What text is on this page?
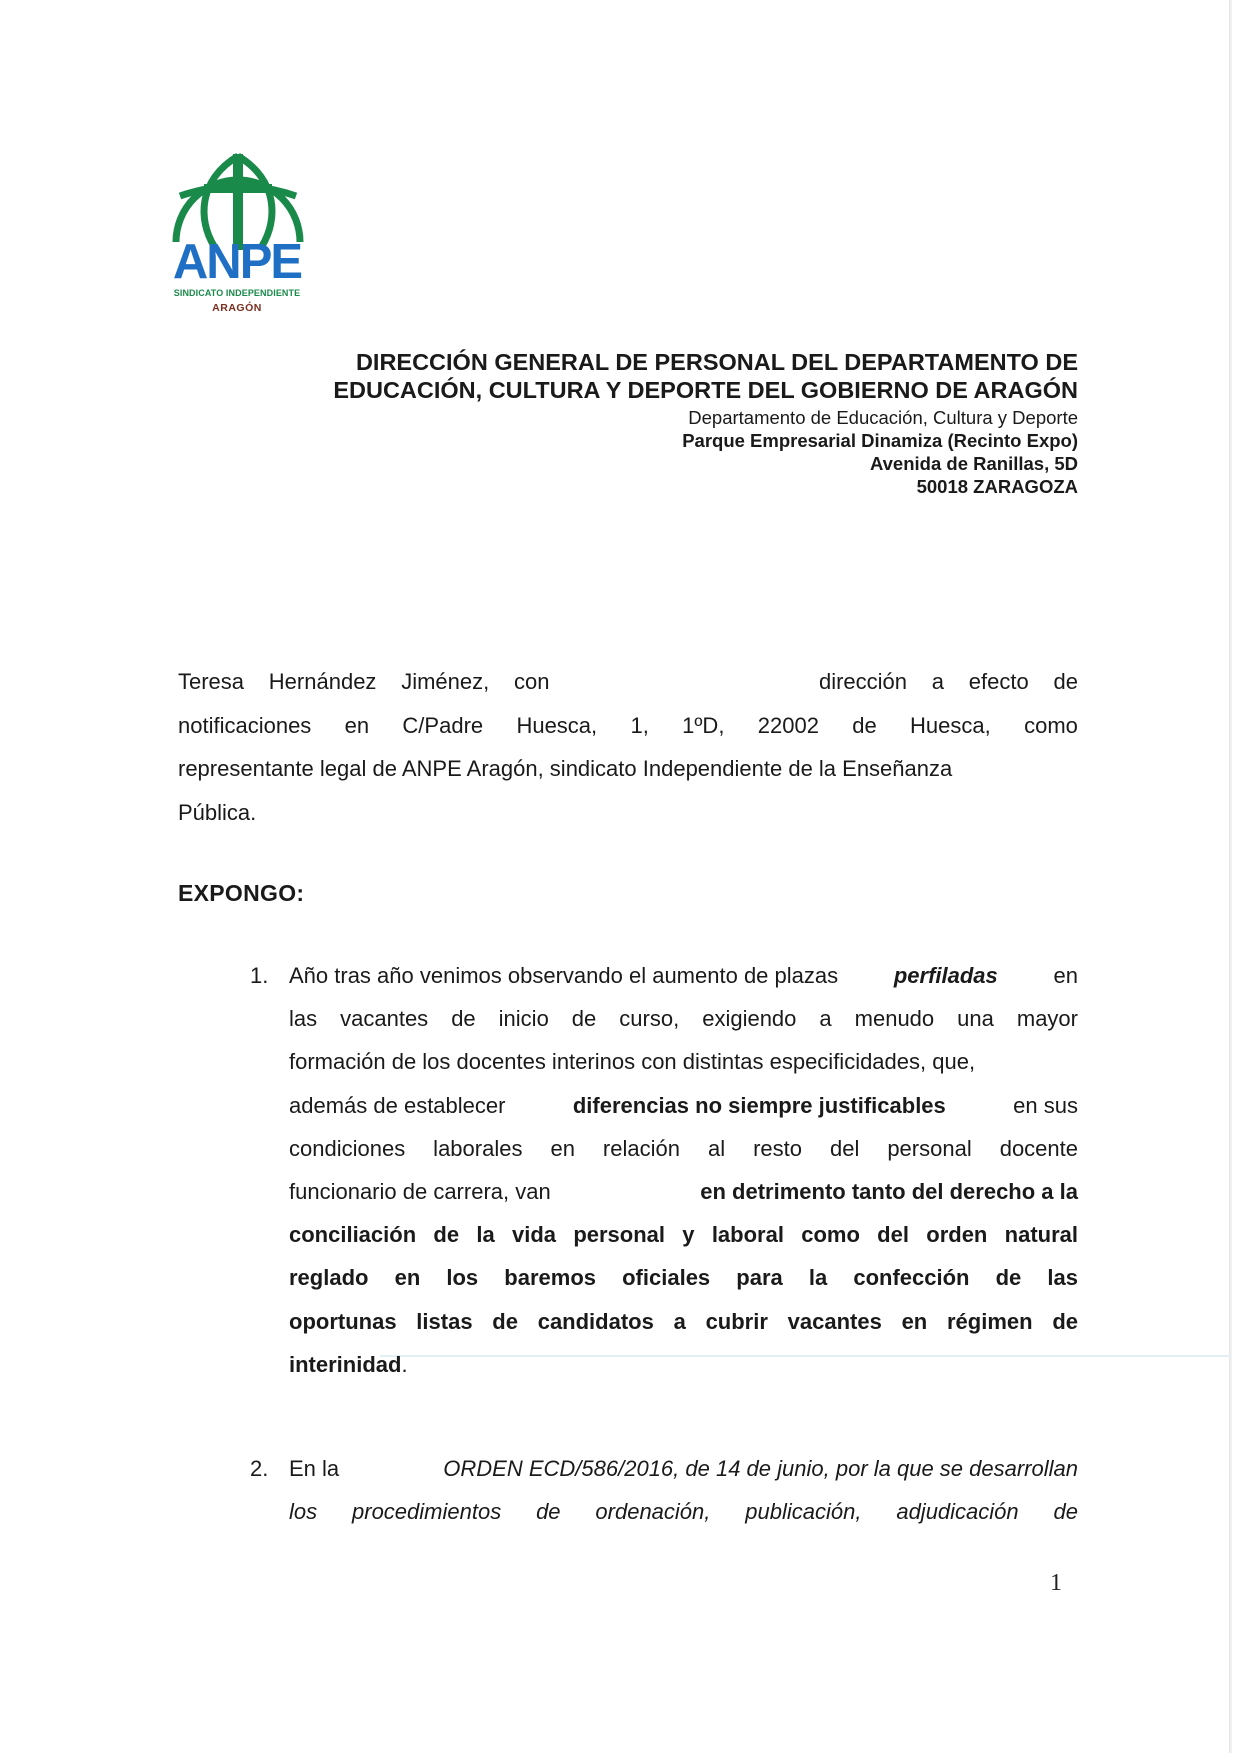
ANPE
SINDICATO INDEPENDIENTE
ARAGÓN
DIRECCIÓN GENERAL DE PERSONAL DEL DEPARTAMENTO DE
EDUCACIÓN, CULTURA Y DEPORTE DEL GOBIERNO DE ARAGÓN
Departamento de Educación, Cultura y Deporte
Parque Empresarial Dinamiza (Recinto Expo)
Avenida de Ranillas, 5D
50018 ZARAGOZA
Teresa Hernández Jiménez, con	dirección a efecto de
notificaciones en C/Padre Huesca, 1, 1ºD, 22002 de Huesca, como
representante legal de ANPE Aragón, sindicato Independiente de la Enseñanza
Pública.
EXPONGO:
1. Año tras año venimos observando el aumento de plazas	perfiladas	en
las vacantes de inicio de curso, exigiendo a menudo una mayor
formación de los docentes interinos con distintas especificidades, que,
además de establecer	diferencias no siempre justificables	en sus
condiciones laborales en relación al resto del personal docente
funcionario de carrera, van	en detrimento tanto del derecho a la
conciliación de la vida personal y laboral como del orden natural
reglado en los baremos oficiales para la confección de las
oportunas listas de candidatos a cubrir vacantes en régimen de
interinidad .
2. En la	ORDEN ECD/586/2016, de 14 de junio, por la que se desarrollan
los procedimientos de ordenación, publicación, adjudicación de
1
